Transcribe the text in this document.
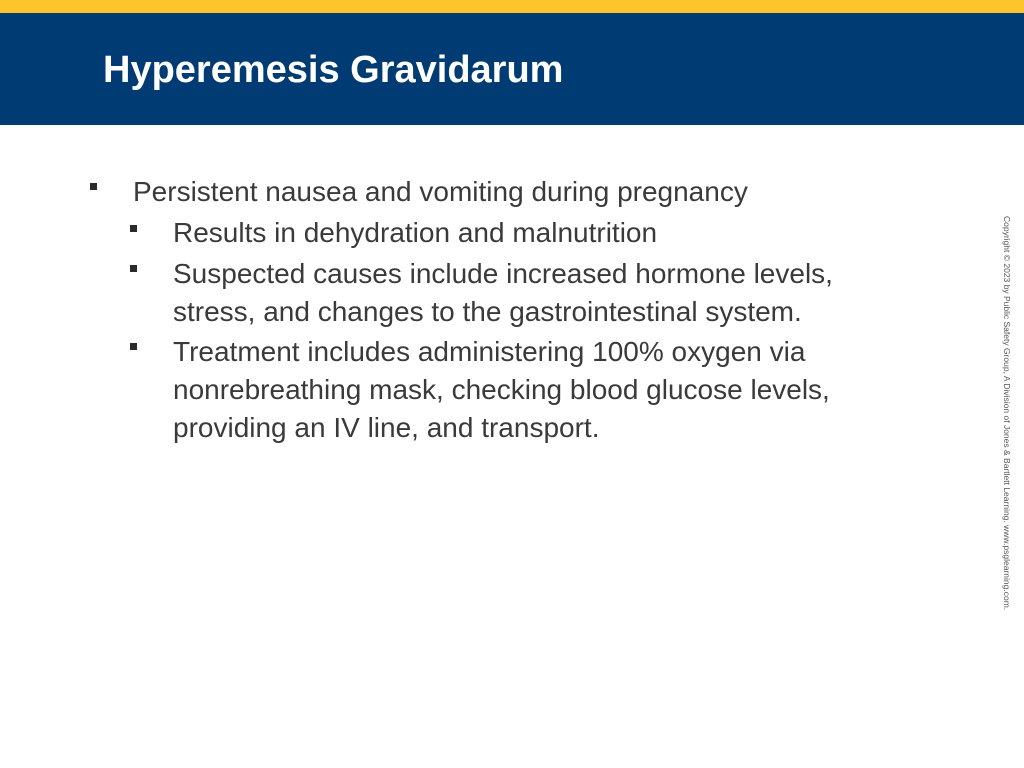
Hyperemesis Gravidarum
Persistent nausea and vomiting during pregnancy
Results in dehydration and malnutrition
Suspected causes include increased hormone levels,
stress, and changes to the gastrointestinal system.
Treatment includes administering 100% oxygen via
nonrebreathing mask, checking blood glucose levels,
providing an IV line, and transport.	Copyright © 2023 by Public Safety Group, A Division of Jones & Bartlett Learning. www.psglearning.com.
